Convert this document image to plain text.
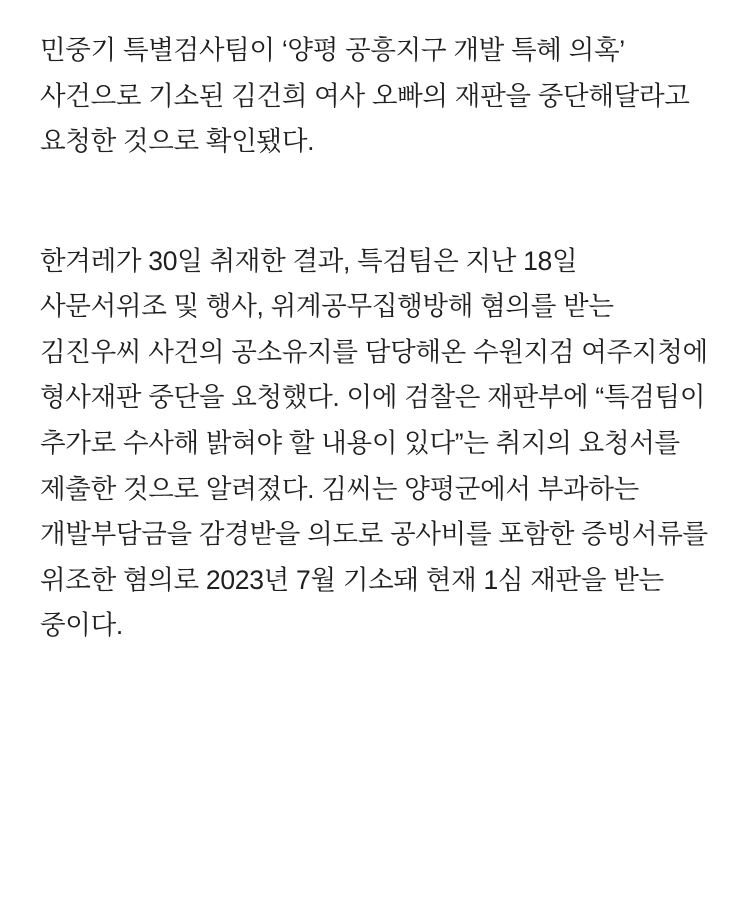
민중기 특별검사팀이 ‘양평 공흥지구 개발 특혜 의혹’ 사건으로 기소된 김건희 여사 오빠의 재판을 중단해달라고 요청한 것으로 확인됐다.

한겨레가 30일 취재한 결과, 특검팀은 지난 18일 사문서위조 및 행사, 위계공무집행방해 혐의를 받는 김진우씨 사건의 공소유지를 담당해온 수원지검 여주지청에 형사재판 중단을 요청했다. 이에 검찰은 재판부에 “특검팀이 추가로 수사해 밝혀야 할 내용이 있다”는 취지의 요청서를 제출한 것으로 알려졌다. 김씨는 양평군에서 부과하는 개발부담금을 감경받을 의도로 공사비를 포함한 증빙서류를 위조한 혐의로 2023년 7월 기소돼 현재 1심 재판을 받는 중이다.
